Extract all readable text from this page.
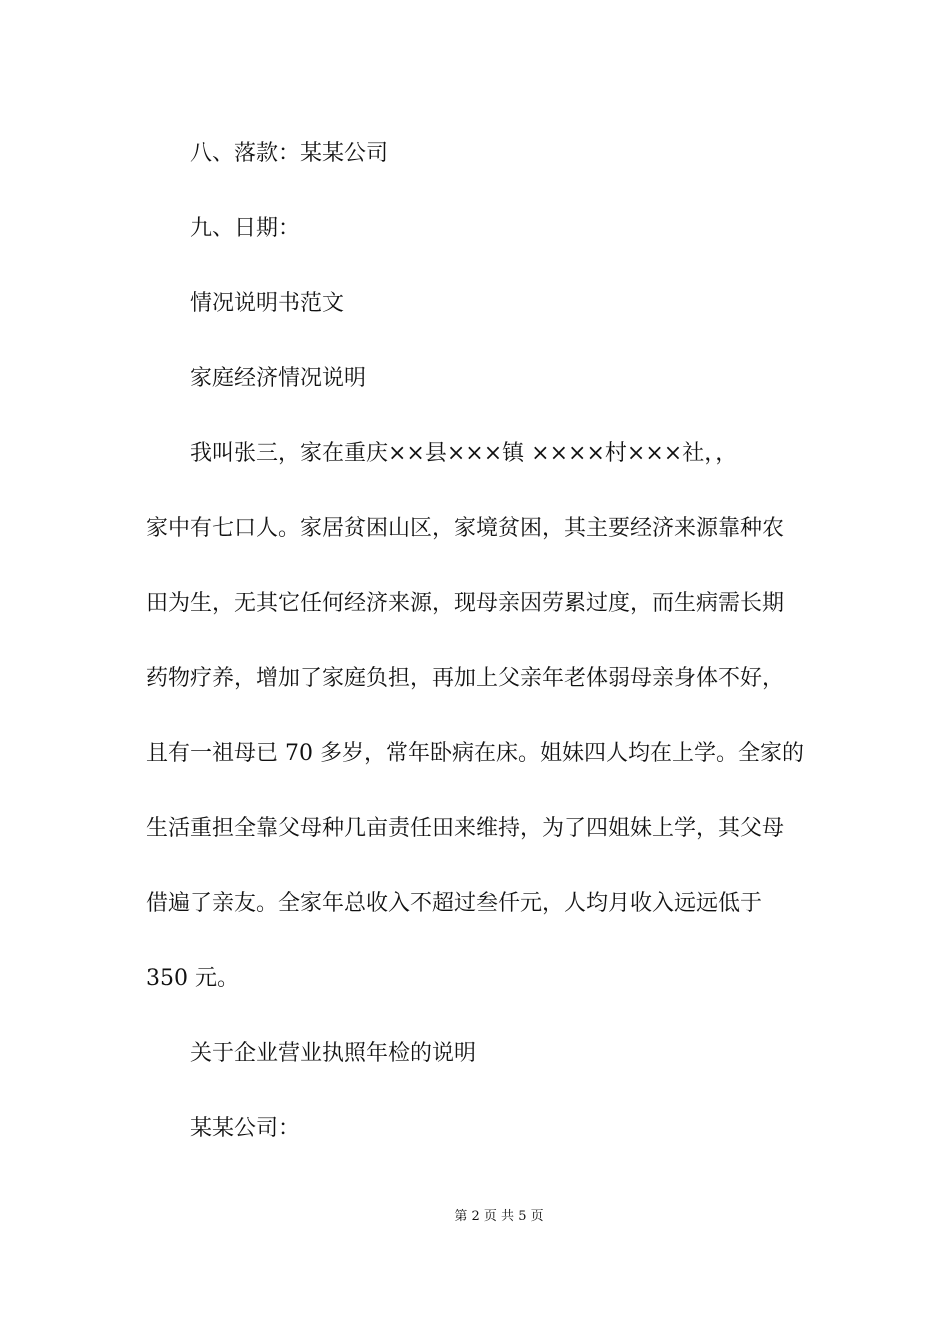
八、落款：某某公司
九、日期：
情况说明书范文
家庭经济情况说明
我叫张三，家在重庆××县×××镇 ××××村×××社，，
家中有七口人。家居贫困山区，家境贫困，其主要经济来源靠种农
田为生，无其它任何经济来源，现母亲因劳累过度，而生病需长期
药物疗养，增加了家庭负担，再加上父亲年老体弱母亲身体不好，
且有一祖母已 70 多岁，常年卧病在床。姐妹四人均在上学。全家的
生活重担全靠父母种几亩责任田来维持，为了四姐妹上学，其父母
借遍了亲友。全家年总收入不超过叁仟元，人均月收入远远低于
350 元。
关于企业营业执照年检的说明
某某公司：
第 2 页 共 5 页
